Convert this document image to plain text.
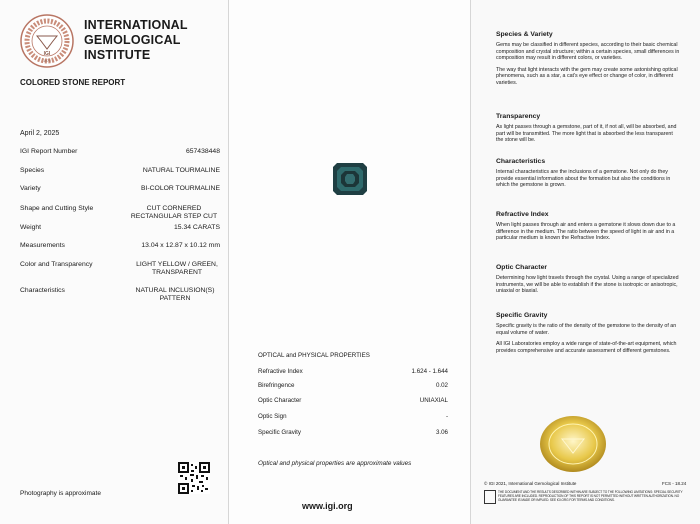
IGI
1975
INTERNATIONAL
GEMOLOGICAL
INSTITUTE
COLORED STONE REPORT
April 2, 2025
IGI Report Number	657438448
Species	NATURAL TOURMALINE
Variety	BI-COLOR TOURMALINE
Shape and Cutting Style	CUT CORNERED RECTANGULAR STEP CUT
Weight	15.34 CARATS
Measurements	13.04 x 12.87 x 10.12 mm
Color and Transparency	LIGHT YELLOW / GREEN, TRANSPARENT
Characteristics	NATURAL INCLUSION(S) PATTERN
Photography is approximate
OPTICAL and PHYSICAL PROPERTIES
Refractive Index	1.624 - 1.644
Birefringence	0.02
Optic Character	UNIAXIAL
Optic Sign	-
Specific Gravity	3.06
Optical and physical properties are approximate values
www.igi.org
Species & Variety

Gems may be classified in different species, according to their basic chemical composition and crystal structure; within a certain species, small differences in composition may result in different colors, or varieties.

The way that light interacts with the gem may create some astonishing optical phenomena, such as a star, a cat's eye effect or change of color, in different varieties.

Transparency

As light passes through a gemstone, part of it, if not all, will be absorbed, and part will be transmitted. The more light that is absorbed the less transparent the stone will be.

Characteristics

Internal characteristics are the inclusions of a gemstone. Not only do they provide essential information about the formation but also the conditions in which the gemstone is grown.

Refractive Index

When light passes through air and enters a gemstone it slows down due to a difference in the medium. The ratio between the speed of light in air and in a particular medium is known the Refractive Index.

Optic Character

Determining how light travels through the crystal. Using a range of specialized instruments, we will be able to establish if the stone is isotropic or anisotropic, uniaxial or biaxial.

Specific Gravity

Specific gravity is the ratio of the density of the gemstone to the density of an equal volume of water.

All IGI Laboratories employ a wide range of state-of-the-art equipment, which provides comprehensive and accurate assessment of different gemstones.

© IGI 2021, International Gemological Institute	FCS - 18.24
THE DOCUMENT AND THE RESULTS DESCRIBED WITHIN ARE SUBJECT TO THE FOLLOWING LIMITATIONS: SPECIAL SECURITY FEATURES ARE INCLUDED. REPRODUCTION OF THIS REPORT IS NOT PERMITTED WITHOUT WRITTEN AUTHORIZATION. NO GUARANTEE IS MADE OR IMPLIED. SEE IGI.ORG FOR TERMS AND CONDITIONS.
